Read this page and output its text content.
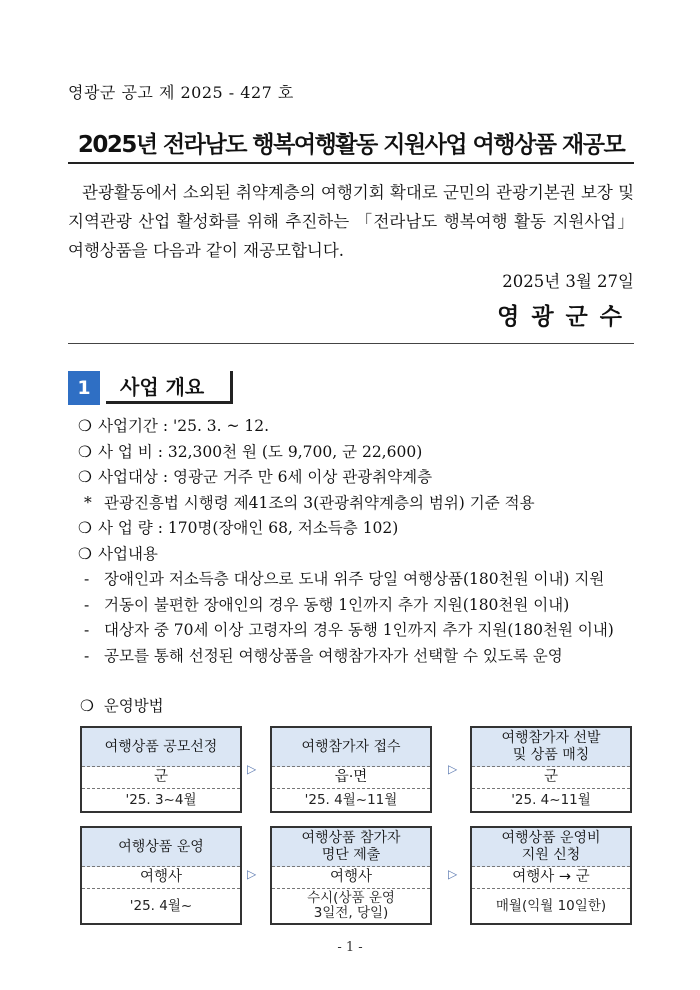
영광군 공고 제 2025 - 427 호
2025년 전라남도 행복여행활동 지원사업 여행상품 재공모

관광활동에서 소외된 취약계층의 여행기회 확대로 군민의 관광기본권 보장 및 지역관광 산업 활성화를 위해 추진하는 「전라남도 행복여행 활동 지원사업」 여행상품을 다음과 같이 재공모합니다.

2025년 3월 27일
영광군수
1	사업 개요
❍ 사업기간 : '25. 3. ~ 12.
❍ 사 업 비 : 32,300천 원 (도 9,700, 군 22,600)
❍ 사업대상 : 영광군 거주 만 6세 이상 관광취약계층
* 관광진흥법 시행령 제41조의 3(관광취약계층의 범위) 기준 적용
❍ 사 업 량 : 170명(장애인 68, 저소득층 102)
❍ 사업내용
- 장애인과 저소득층 대상으로 도내 위주 당일 여행상품(180천원 이내) 지원
- 거동이 불편한 장애인의 경우 동행 1인까지 추가 지원(180천원 이내)
- 대상자 중 70세 이상 고령자의 경우 동행 1인까지 추가 지원(180천원 이내)
- 공모를 통해 선정된 여행상품을 여행참가자가 선택할 수 있도록 운영
❍ 운영방법
여행상품 공모선정
군
'25. 3~4월
▷
여행참가자 접수
읍·면
'25. 4월~11월
▷
여행참가자 선발
및 상품 매칭
군
'25. 4~11월
여행상품 운영
여행사
'25. 4월~
▷
여행상품 참가자
명단 제출
여행사
수시(상품 운영
3일전, 당일)
▷
여행상품 운영비
지원 신청
여행사 → 군
매월(익월 10일한)
- 1 -
